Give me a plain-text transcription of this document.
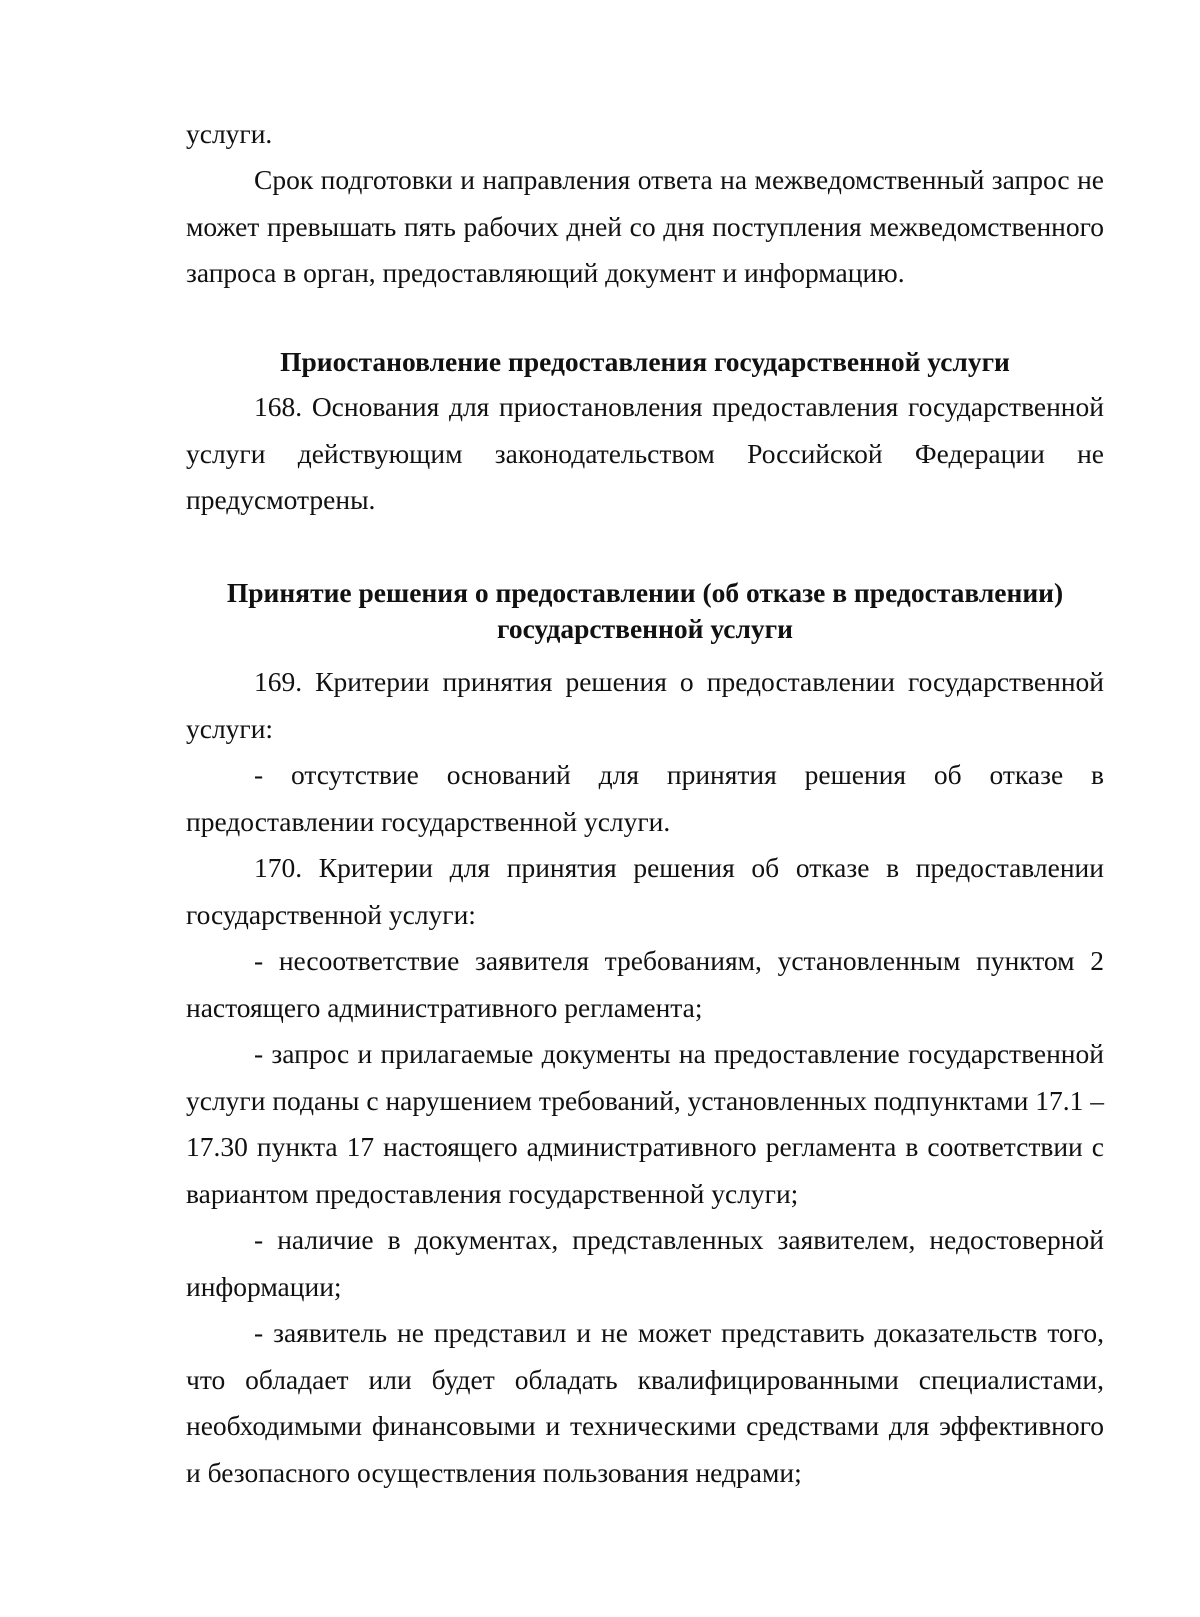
услуги.
Срок подготовки и направления ответа на межведомственный запрос не может превышать пять рабочих дней со дня поступления межведомственного запроса в орган, предоставляющий документ и информацию.
Приостановление предоставления государственной услуги
168. Основания для приостановления предоставления государственной услуги действующим законодательством Российской Федерации не предусмотрены.
Принятие решения о предоставлении (об отказе в предоставлении)
государственной услуги
169. Критерии принятия решения о предоставлении государственной услуги:
- отсутствие оснований для принятия решения об отказе в предоставлении государственной услуги.
170. Критерии для принятия решения об отказе в предоставлении государственной услуги:
- несоответствие заявителя требованиям, установленным пунктом 2 настоящего административного регламента;
- запрос и прилагаемые документы на предоставление государственной услуги поданы с нарушением требований, установленных подпунктами 17.1 – 17.30 пункта 17 настоящего административного регламента в соответствии с вариантом предоставления государственной услуги;
- наличие в документах, представленных заявителем, недостоверной информации;
- заявитель не представил и не может представить доказательств того, что обладает или будет обладать квалифицированными специалистами, необходимыми финансовыми и техническими средствами для эффективного и безопасного осуществления пользования недрами;
